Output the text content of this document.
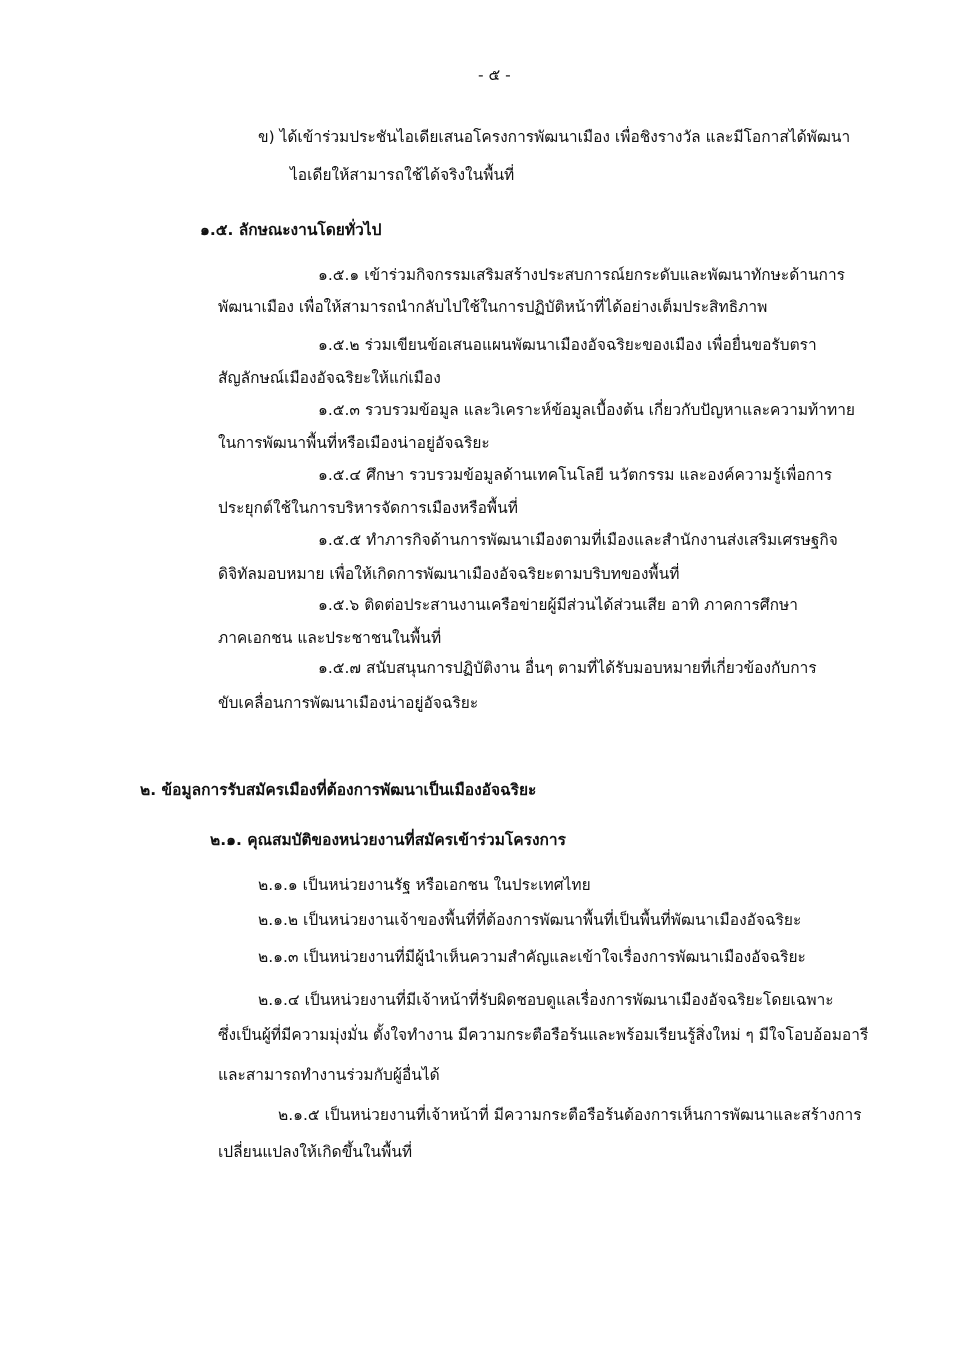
- ๕ -
ข) ได้เข้าร่วมประชันไอเดียเสนอโครงการพัฒนาเมือง เพื่อชิงรางวัล และมีโอกาสได้พัฒนา
ไอเดียให้สามารถใช้ได้จริงในพื้นที่
๑.๕. ลักษณะงานโดยทั่วไป
๑.๕.๑ เข้าร่วมกิจกรรมเสริมสร้างประสบการณ์ยกระดับและพัฒนาทักษะด้านการ
พัฒนาเมือง เพื่อให้สามารถนำกลับไปใช้ในการปฏิบัติหน้าที่ได้อย่างเต็มประสิทธิภาพ
๑.๕.๒ ร่วมเขียนข้อเสนอแผนพัฒนาเมืองอัจฉริยะของเมือง เพื่อยื่นขอรับตรา
สัญลักษณ์เมืองอัจฉริยะให้แก่เมือง
๑.๕.๓ รวบรวมข้อมูล และวิเคราะห์ข้อมูลเบื้องต้น เกี่ยวกับปัญหาและความท้าทาย
ในการพัฒนาพื้นที่หรือเมืองน่าอยู่อัจฉริยะ
๑.๕.๔ ศึกษา รวบรวมข้อมูลด้านเทคโนโลยี นวัตกรรม และองค์ความรู้เพื่อการ
ประยุกต์ใช้ในการบริหารจัดการเมืองหรือพื้นที่
๑.๕.๕ ทำภารกิจด้านการพัฒนาเมืองตามที่เมืองและสำนักงานส่งเสริมเศรษฐกิจ
ดิจิทัลมอบหมาย เพื่อให้เกิดการพัฒนาเมืองอัจฉริยะตามบริบทของพื้นที่
๑.๕.๖ ติดต่อประสานงานเครือข่ายผู้มีส่วนได้ส่วนเสีย อาทิ ภาคการศึกษา
ภาคเอกชน และประชาชนในพื้นที่
๑.๕.๗ สนับสนุนการปฏิบัติงาน อื่นๆ ตามที่ได้รับมอบหมายที่เกี่ยวข้องกับการ
ขับเคลื่อนการพัฒนาเมืองน่าอยู่อัจฉริยะ
๒. ข้อมูลการรับสมัครเมืองที่ต้องการพัฒนาเป็นเมืองอัจฉริยะ
๒.๑. คุณสมบัติของหน่วยงานที่สมัครเข้าร่วมโครงการ
๒.๑.๑ เป็นหน่วยงานรัฐ หรือเอกชน ในประเทศไทย
๒.๑.๒ เป็นหน่วยงานเจ้าของพื้นที่ที่ต้องการพัฒนาพื้นที่เป็นพื้นที่พัฒนาเมืองอัจฉริยะ
๒.๑.๓ เป็นหน่วยงานที่มีผู้นำเห็นความสำคัญและเข้าใจเรื่องการพัฒนาเมืองอัจฉริยะ
๒.๑.๔ เป็นหน่วยงานที่มีเจ้าหน้าที่รับผิดชอบดูแลเรื่องการพัฒนาเมืองอัจฉริยะโดยเฉพาะ
ซึ่งเป็นผู้ที่มีความมุ่งมั่น ตั้งใจทำงาน มีความกระตือรือร้นและพร้อมเรียนรู้สิ่งใหม่ ๆ มีใจโอบอ้อมอารี
และสามารถทำงานร่วมกับผู้อื่นได้
๒.๑.๕ เป็นหน่วยงานที่เจ้าหน้าที่ มีความกระตือรือร้นต้องการเห็นการพัฒนาและสร้างการ
เปลี่ยนแปลงให้เกิดขึ้นในพื้นที่
